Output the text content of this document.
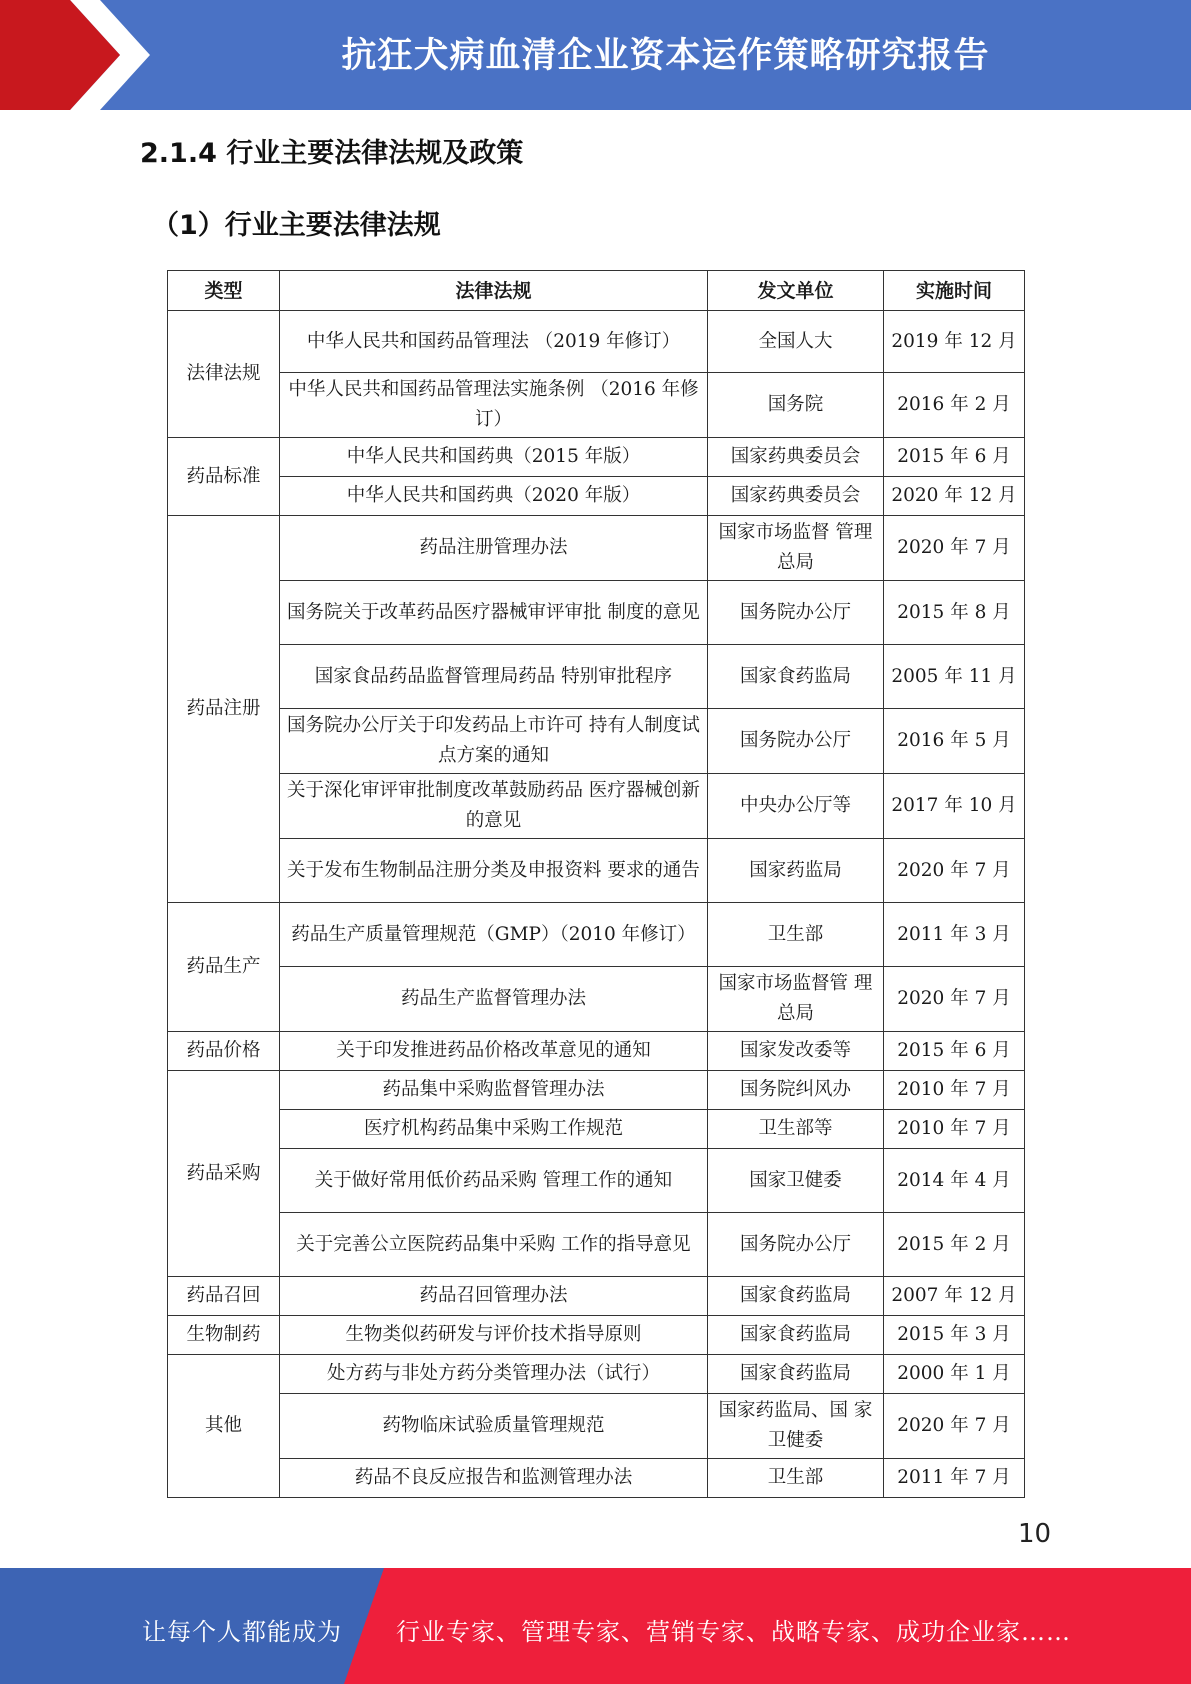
抗狂犬病血清企业资本运作策略研究报告
2.1.4 行业主要法律法规及政策
（1）行业主要法律法规
类型	法律法规	发文单位	实施时间
法律法规	中华人民共和国药品管理法 （2019 年修订）	全国人大	2019 年 12 月
	中华人民共和国药品管理法实施条例 （2016 年修订）	国务院	2016 年 2 月
药品标准	中华人民共和国药典（2015 年版）	国家药典委员会	2015 年 6 月
	中华人民共和国药典（2020 年版）	国家药典委员会	2020 年 12 月
药品注册	药品注册管理办法	国家市场监督 管理总局	2020 年 7 月
	国务院关于改革药品医疗器械审评审批 制度的意见	国务院办公厅	2015 年 8 月
	国家食品药品监督管理局药品 特别审批程序	国家食药监局	2005 年 11 月
	国务院办公厅关于印发药品上市许可 持有人制度试点方案的通知	国务院办公厅	2016 年 5 月
	关于深化审评审批制度改革鼓励药品 医疗器械创新的意见	中央办公厅等	2017 年 10 月
	关于发布生物制品注册分类及申报资料 要求的通告	国家药监局	2020 年 7 月
药品生产	药品生产质量管理规范（GMP）（2010 年修订）	卫生部	2011 年 3 月
	药品生产监督管理办法	国家市场监督管 理总局	2020 年 7 月
药品价格	关于印发推进药品价格改革意见的通知	国家发改委等	2015 年 6 月
药品采购	药品集中采购监督管理办法	国务院纠风办	2010 年 7 月
	医疗机构药品集中采购工作规范	卫生部等	2010 年 7 月
	关于做好常用低价药品采购 管理工作的通知	国家卫健委	2014 年 4 月
	关于完善公立医院药品集中采购 工作的指导意见	国务院办公厅	2015 年 2 月
药品召回	药品召回管理办法	国家食药监局	2007 年 12 月
生物制药	生物类似药研发与评价技术指导原则	国家食药监局	2015 年 3 月
其他	处方药与非处方药分类管理办法（试行）	国家食药监局	2000 年 1 月
	药物临床试验质量管理规范	国家药监局、国 家卫健委	2020 年 7 月
	药品不良反应报告和监测管理办法	卫生部	2011 年 7 月
10
让每个人都能成为 行业专家、管理专家、营销专家、战略专家、成功企业家……
